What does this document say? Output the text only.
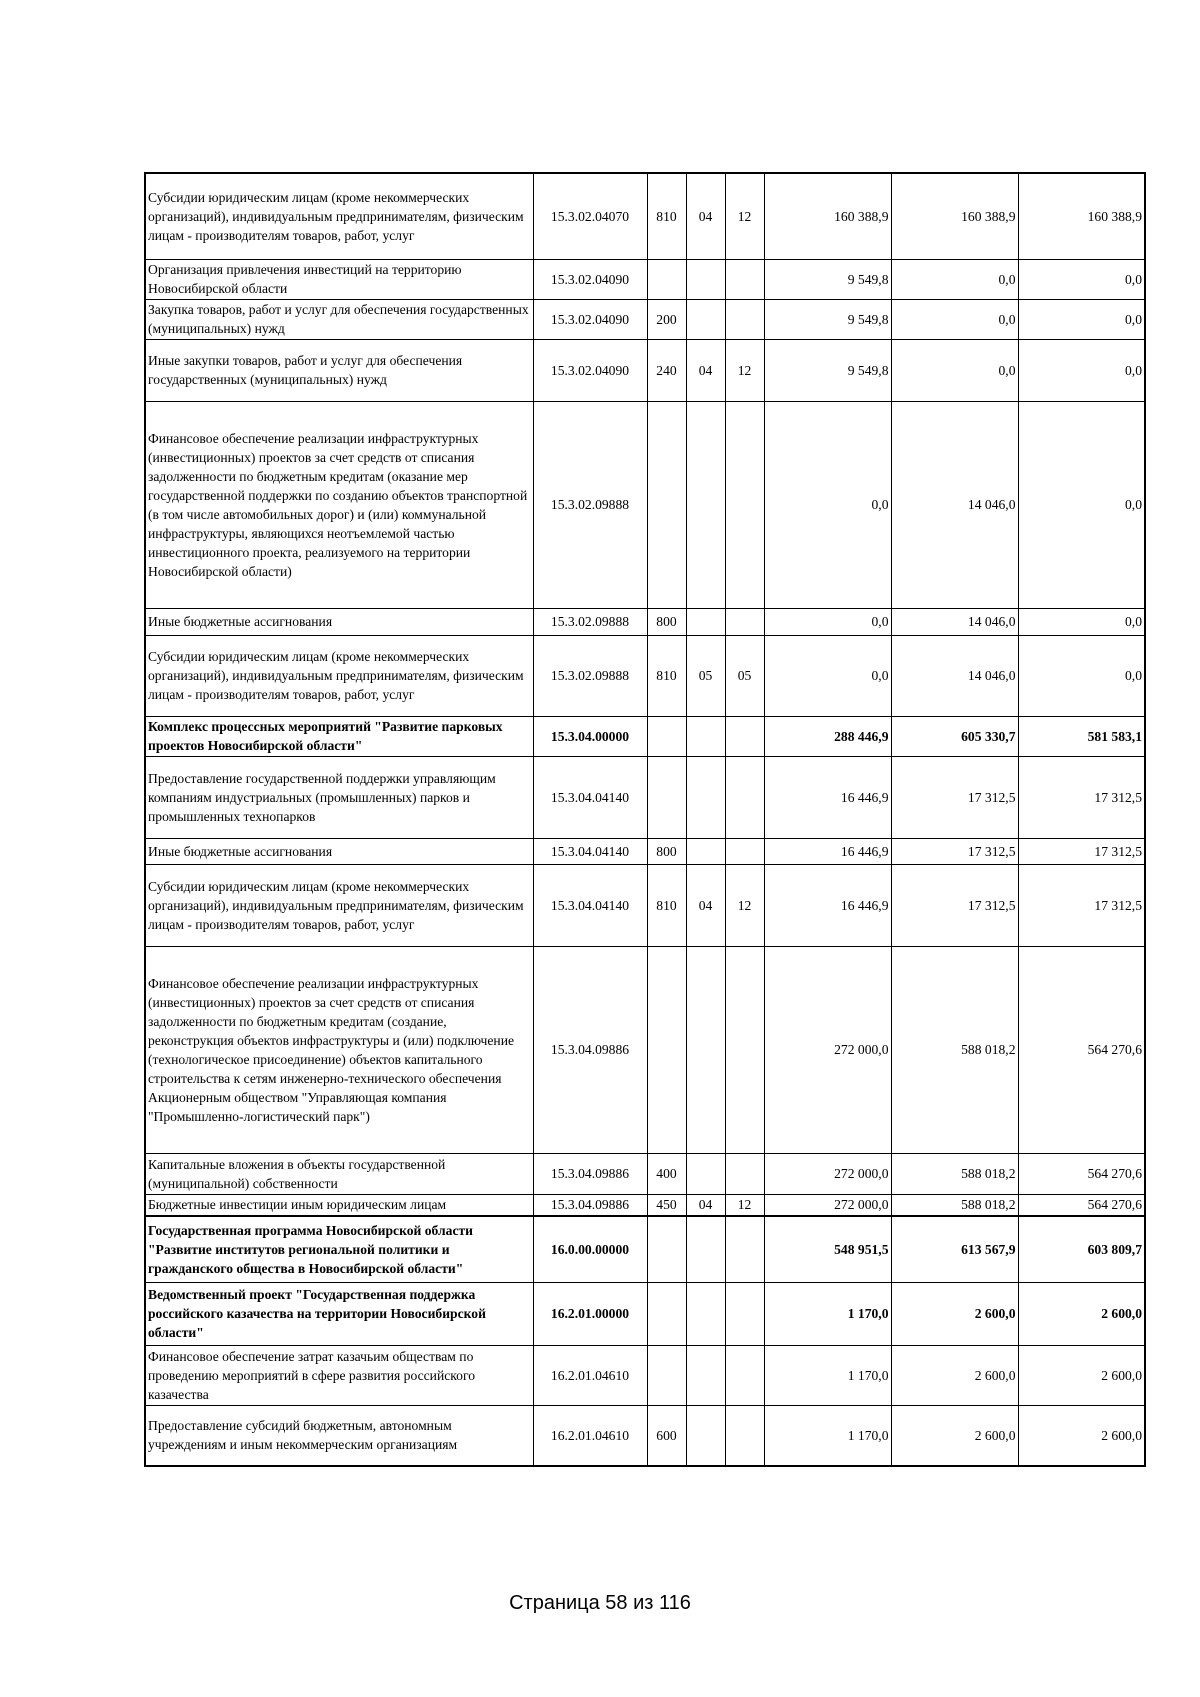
Субсидии юридическим лицам (кроме некоммерческих организаций), индивидуальным предпринимателям, физическим лицам - производителям товаров, работ, услуг	15.3.02.04070	810	04	12	160 388,9	160 388,9	160 388,9
Организация привлечения инвестиций на территорию Новосибирской области	15.3.02.04090				9 549,8	0,0	0,0
Закупка товаров, работ и услуг для обеспечения государственных (муниципальных) нужд	15.3.02.04090	200			9 549,8	0,0	0,0
Иные закупки товаров, работ и услуг для обеспечения государственных (муниципальных) нужд	15.3.02.04090	240	04	12	9 549,8	0,0	0,0
Финансовое обеспечение реализации инфраструктурных (инвестиционных) проектов за счет средств от списания задолженности по бюджетным кредитам (оказание мер государственной поддержки по созданию объектов транспортной (в том числе автомобильных дорог) и (или) коммунальной инфраструктуры, являющихся неотъемлемой частью инвестиционного проекта, реализуемого на территории Новосибирской области)	15.3.02.09888				0,0	14 046,0	0,0
Иные бюджетные ассигнования	15.3.02.09888	800			0,0	14 046,0	0,0
Субсидии юридическим лицам (кроме некоммерческих организаций), индивидуальным предпринимателям, физическим лицам - производителям товаров, работ, услуг	15.3.02.09888	810	05	05	0,0	14 046,0	0,0
Комплекс процессных мероприятий "Развитие парковых проектов Новосибирской области"	15.3.04.00000				288 446,9	605 330,7	581 583,1
Предоставление государственной поддержки управляющим компаниям индустриальных (промышленных) парков и промышленных технопарков	15.3.04.04140				16 446,9	17 312,5	17 312,5
Иные бюджетные ассигнования	15.3.04.04140	800			16 446,9	17 312,5	17 312,5
Субсидии юридическим лицам (кроме некоммерческих организаций), индивидуальным предпринимателям, физическим лицам - производителям товаров, работ, услуг	15.3.04.04140	810	04	12	16 446,9	17 312,5	17 312,5
Финансовое обеспечение реализации инфраструктурных (инвестиционных) проектов за счет средств от списания задолженности по бюджетным кредитам (создание, реконструкция объектов инфраструктуры и (или) подключение (технологическое присоединение) объектов капитального строительства к сетям инженерно-технического обеспечения Акционерным обществом "Управляющая компания "Промышленно-логистический парк")	15.3.04.09886				272 000,0	588 018,2	564 270,6
Капитальные вложения в объекты государственной (муниципальной) собственности	15.3.04.09886	400			272 000,0	588 018,2	564 270,6
Бюджетные инвестиции иным юридическим лицам	15.3.04.09886	450	04	12	272 000,0	588 018,2	564 270,6
Государственная программа Новосибирской области "Развитие институтов региональной политики и гражданского общества в Новосибирской области"	16.0.00.00000				548 951,5	613 567,9	603 809,7
Ведомственный проект "Государственная поддержка российского казачества на территории Новосибирской области"	16.2.01.00000				1 170,0	2 600,0	2 600,0
Финансовое обеспечение затрат казачьим обществам по проведению мероприятий в сфере развития российского казачества	16.2.01.04610				1 170,0	2 600,0	2 600,0
Предоставление субсидий бюджетным, автономным учреждениям и иным некоммерческим организациям	16.2.01.04610	600			1 170,0	2 600,0	2 600,0
Страница 58 из 116
